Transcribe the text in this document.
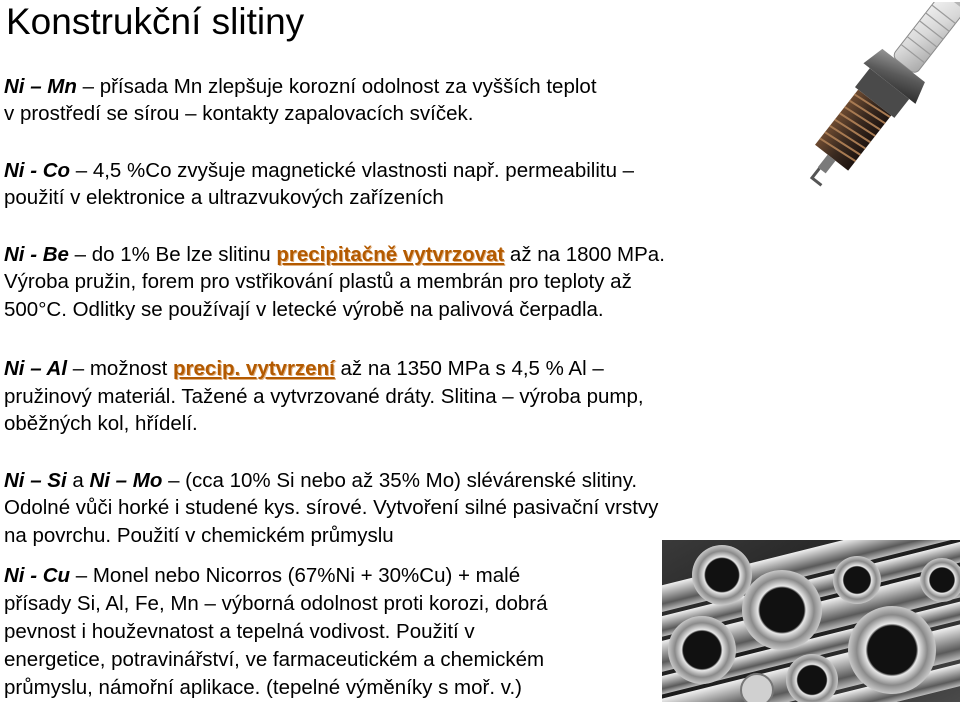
Konstrukční slitiny
Ni – Mn – přísada Mn zlepšuje korozní odolnost za vyšších teplot
v prostředí se sírou – kontakty zapalovacích svíček.
Ni - Co – 4,5 %Co zvyšuje magnetické vlastnosti např. permeabilitu –
použití v elektronice a ultrazvukových zařízeních
Ni - Be – do 1% Be lze slitinu precipitačně vytvrzovat až na 1800 MPa.
Výroba pružin, forem pro vstřikování plastů a membrán pro teploty až
500°C. Odlitky se používají v letecké výrobě na palivová čerpadla.
Ni – Al – možnost precip. vytvrzení až na 1350 MPa s 4,5 % Al –
pružinový materiál. Tažené a vytvrzované dráty. Slitina – výroba pump,
oběžných kol, hřídelí.
Ni – Si a Ni – Mo – (cca 10% Si nebo až 35% Mo) slévárenské slitiny.
Odolné vůči horké i studené kys. sírové. Vytvoření silné pasivační vrstvy
na povrchu. Použití v chemickém průmyslu
Ni - Cu – Monel nebo Nicorros (67%Ni + 30%Cu) + malé
přísady Si, Al, Fe, Mn – výborná odolnost proti korozi, dobrá
pevnost i houževnatost a tepelná vodivost. Použití v
energetice, potravinářství, ve farmaceutickém a chemickém
průmyslu, námořní aplikace. (tepelné výměníky s moř. v.)
